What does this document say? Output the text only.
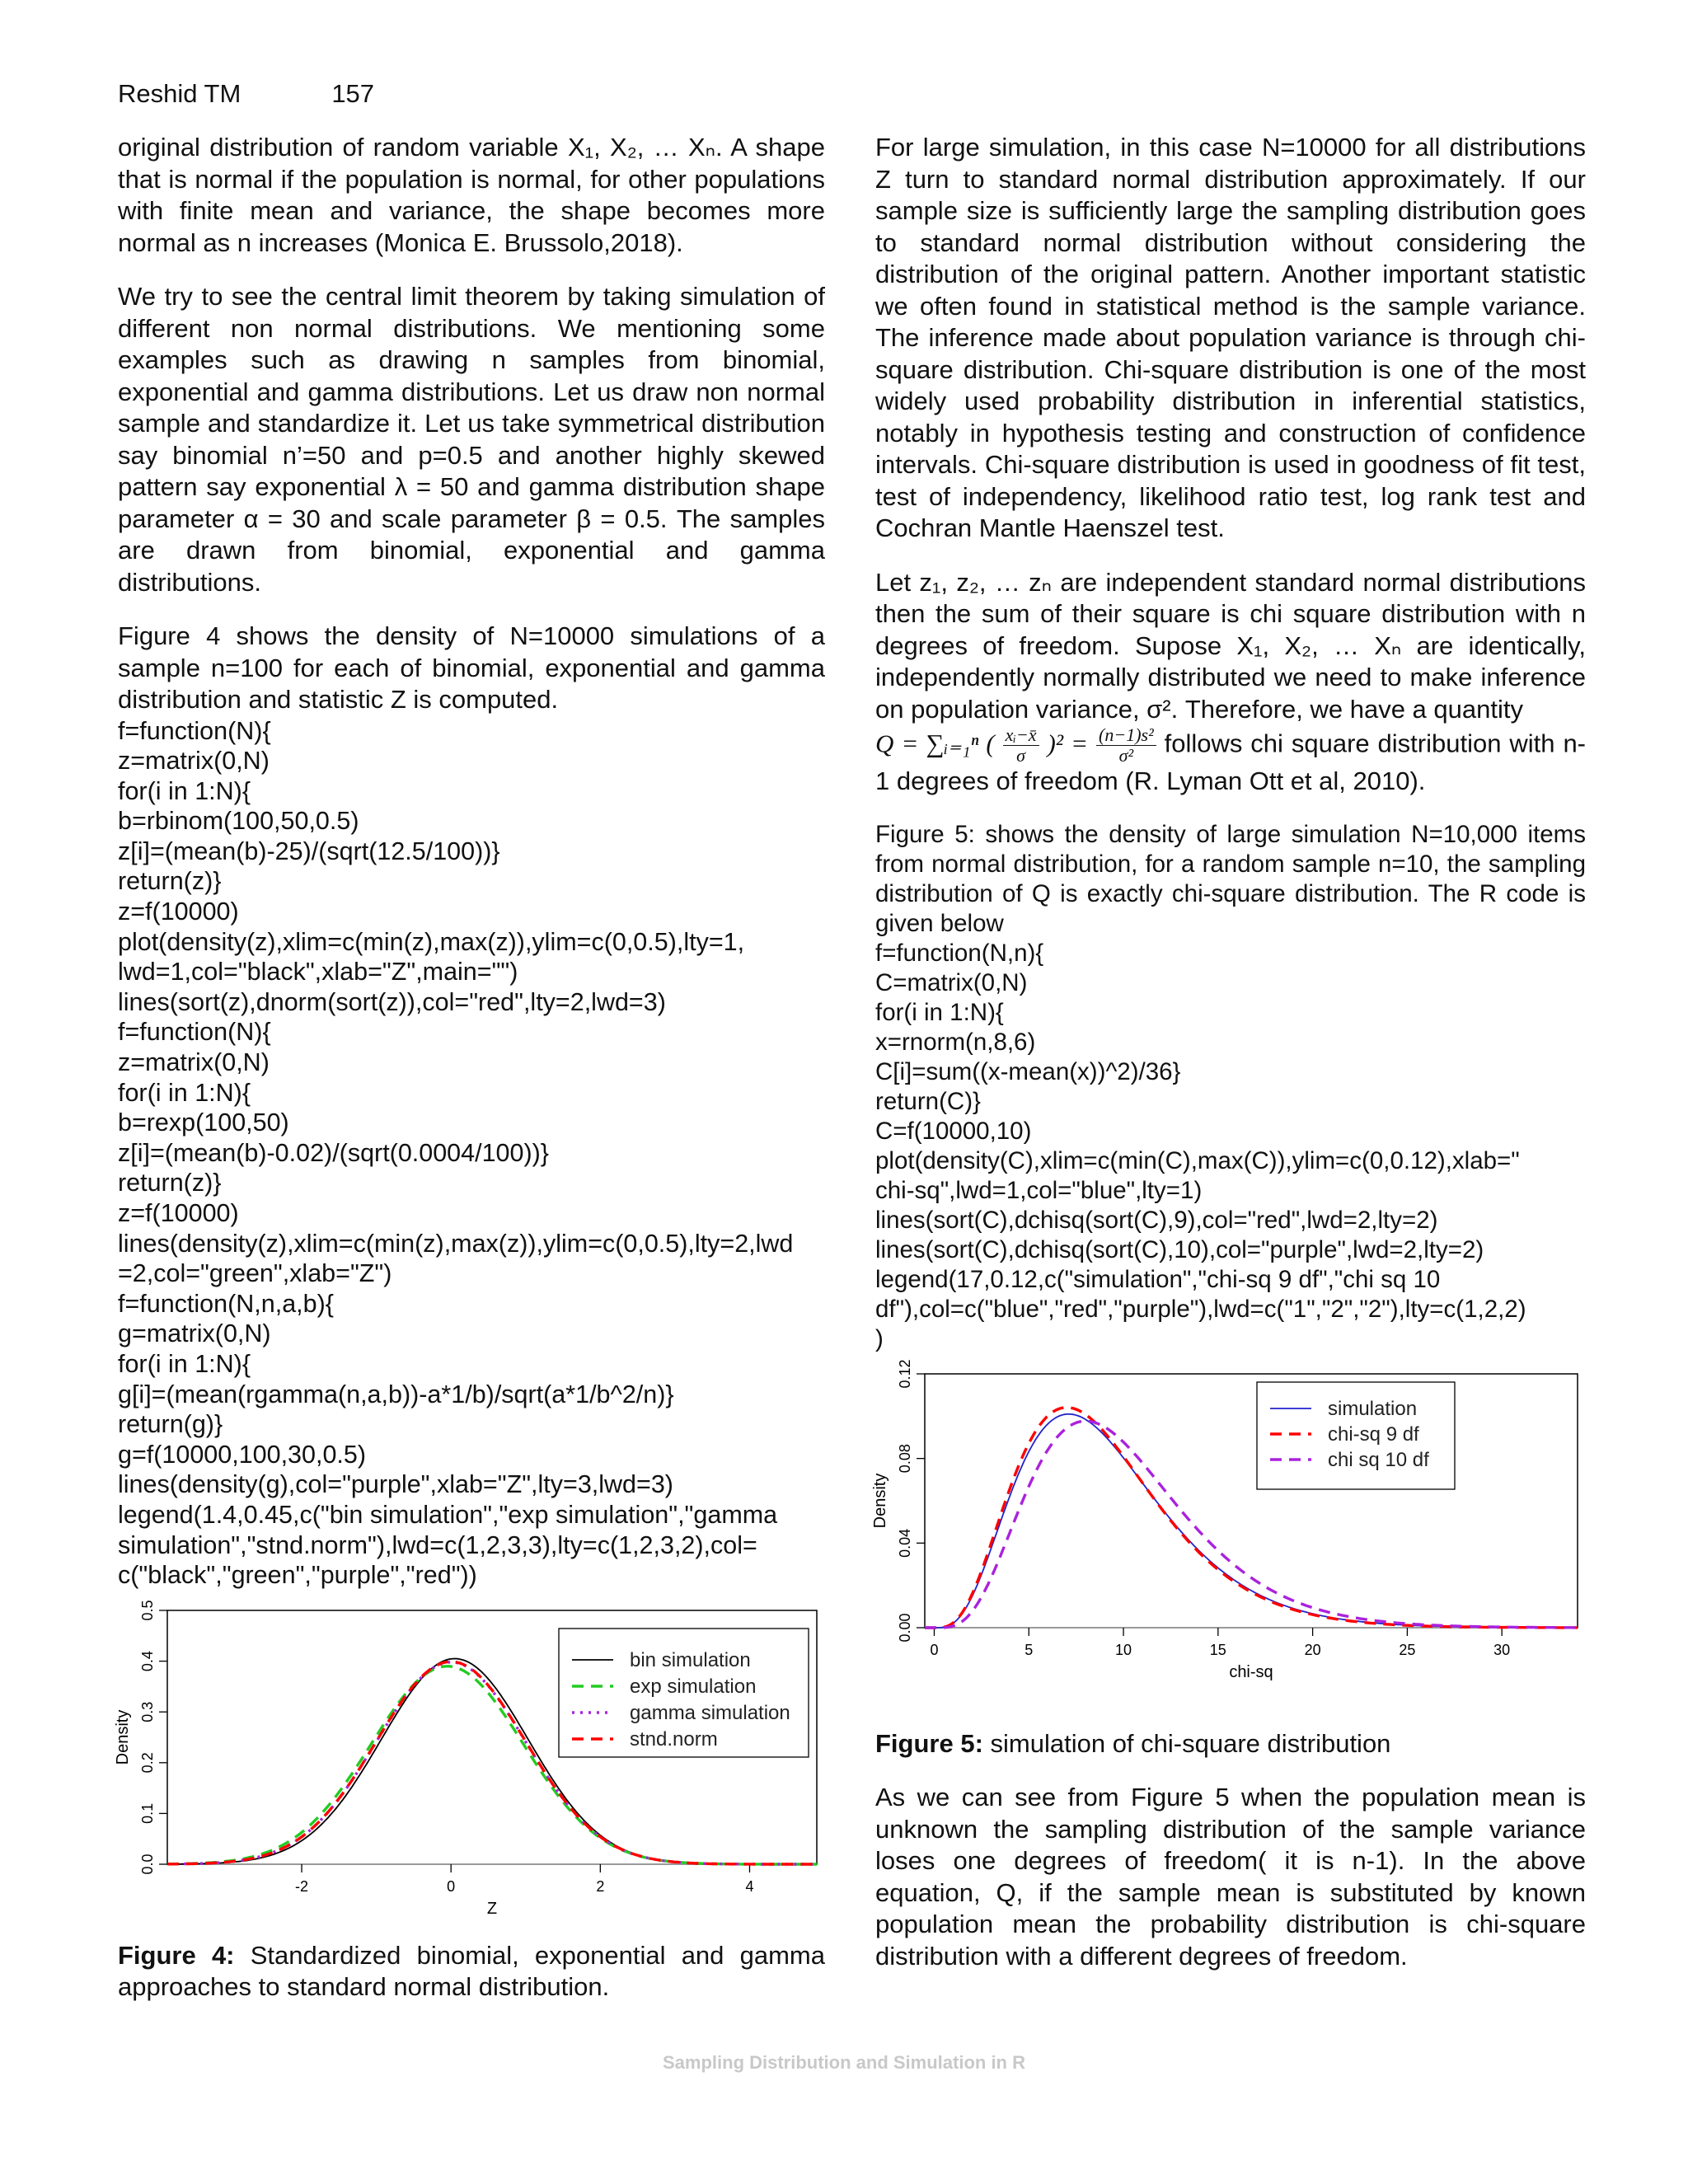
Reshid TM	157

original distribution of random variable X₁, X₂, … Xₙ. A shape that is normal if the population is normal, for other populations with finite mean and variance, the shape becomes more normal as n increases (Monica E. Brussolo,2018).

We try to see the central limit theorem by taking simulation of different non normal distributions. We mentioning some examples such as drawing n samples from binomial, exponential and gamma distributions. Let us draw non normal sample and standardize it. Let us take symmetrical distribution say binomial n’=50 and p=0.5 and another highly skewed pattern say exponential λ = 50 and gamma distribution shape parameter α = 30 and scale parameter β = 0.5. The samples are drawn from binomial, exponential and gamma distributions.

Figure 4 shows the density of N=10000 simulations of a sample n=100 for each of binomial, exponential and gamma distribution and statistic Z is computed.

f=function(N){
z=matrix(0,N)
for(i in 1:N){
b=rbinom(100,50,0.5)
z[i]=(mean(b)-25)/(sqrt(12.5/100))}
return(z)}
z=f(10000)
plot(density(z),xlim=c(min(z),max(z)),ylim=c(0,0.5),lty=1,
lwd=1,col="black",xlab="Z",main="")
lines(sort(z),dnorm(sort(z)),col="red",lty=2,lwd=3)
f=function(N){
z=matrix(0,N)
for(i in 1:N){
b=rexp(100,50)
z[i]=(mean(b)-0.02)/(sqrt(0.0004/100))}
return(z)}
z=f(10000)
lines(density(z),xlim=c(min(z),max(z)),ylim=c(0,0.5),lty=2,lwd
=2,col="green",xlab="Z")
f=function(N,n,a,b){
g=matrix(0,N)
for(i in 1:N){
g[i]=(mean(rgamma(n,a,b))-a*1/b)/sqrt(a*1/b^2/n)}
return(g)}
g=f(10000,100,30,0.5)
lines(density(g),col="purple",xlab="Z",lty=3,lwd=3)
legend(1.4,0.45,c("bin simulation","exp simulation","gamma
simulation","stnd.norm"),lwd=c(1,2,3,3),lty=c(1,2,3,2),col=
c("black","green","purple","red"))
-2	0	2	4
0.0
0.1
0.2
0.3
0.4
0.5
Z
Density
bin simulation
exp simulation
gamma simulation
stnd.norm

Figure 4: Standardized binomial, exponential and gamma approaches to standard normal distribution.

For large simulation, in this case N=10000 for all distributions Z turn to standard normal distribution approximately. If our sample size is sufficiently large the sampling distribution goes to standard normal distribution without considering the distribution of the original pattern. Another important statistic we often found in statistical method is the sample variance. The inference made about population variance is through chi-square distribution. Chi-square distribution is one of the most widely used probability distribution in inferential statistics, notably in hypothesis testing and construction of confidence intervals. Chi-square distribution is used in goodness of fit test, test of independency, likelihood ratio test, log rank test and Cochran Mantle Haenszel test.

Let z₁, z₂, … zₙ are independent standard normal distributions then the sum of their square is chi square distribution with n degrees of freedom. Supose X₁, X₂, … Xₙ are identically, independently normally distributed we need to make inference on population variance, σ². Therefore, we have a quantity

Q = ∑ᵢ₌₁ⁿ ( $\frac{\text{xᵢ−x̄}}{\sigma} )^2 = \frac{\text{(n−1)s²}}{\text{σ²}}$ follows chi square distribution with n-1 degrees of freedom (R. Lyman Ott et al, 2010).

Figure 5: shows the density of large simulation N=10,000 items from normal distribution, for a random sample n=10, the sampling distribution of Q is exactly chi-square distribution. The R code is given below

f=function(N,n){
C=matrix(0,N)
for(i in 1:N){
x=rnorm(n,8,6)
C[i]=sum((x-mean(x))^2)/36}
return(C)}
C=f(10000,10)
plot(density(C),xlim=c(min(C),max(C)),ylim=c(0,0.12),xlab="
chi-sq",lwd=1,col="blue",lty=1)
lines(sort(C),dchisq(sort(C),9),col="red",lwd=2,lty=2)
lines(sort(C),dchisq(sort(C),10),col="purple",lwd=2,lty=2)
legend(17,0.12,c("simulation","chi-sq 9 df","chi sq 10
df"),col=c("blue","red","purple"),lwd=c("1","2","2"),lty=c(1,2,2)
)
0	5	10	15	20	25	30
0.00
0.04
0.08
0.12
chi-sq
Density
simulation
chi-sq 9 df
chi sq 10 df

Figure 5: simulation of chi-square distribution

As we can see from Figure 5 when the population mean is unknown the sampling distribution of the sample variance loses one degrees of freedom( it is n-1). In the above equation, Q, if the sample mean is substituted by known population mean the probability distribution is chi-square distribution with a different degrees of freedom.

Sampling Distribution and Simulation in R
